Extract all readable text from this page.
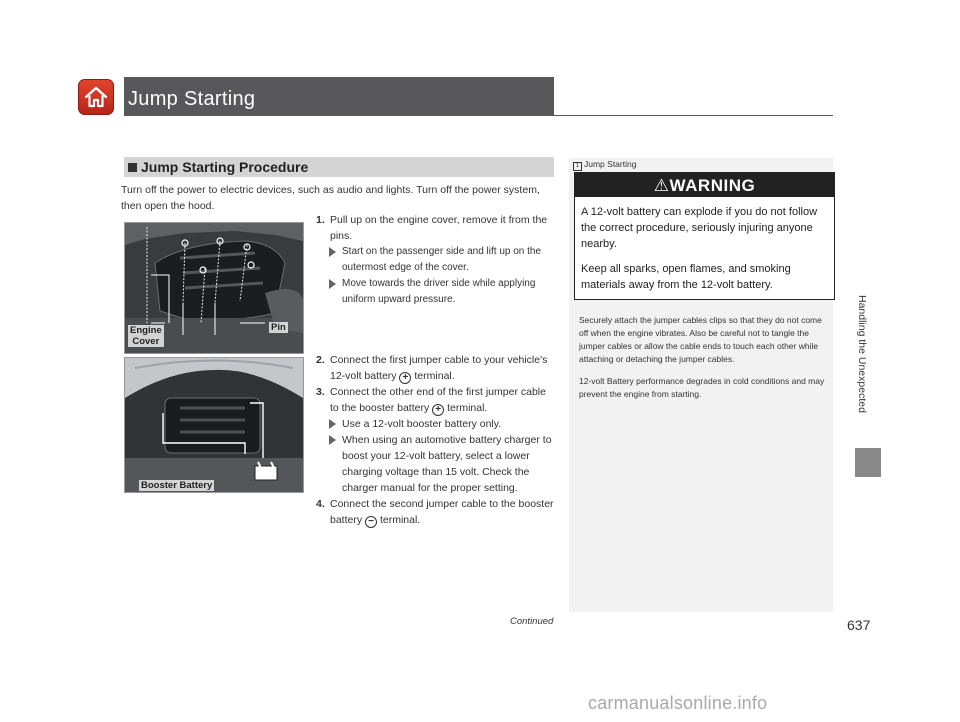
Jump Starting
Handling the Unexpected
Jump Starting Procedure
Turn off the power to electric devices, such as audio and lights. Turn off the power system, then open the hood.
Engine
Cover
Pin
Booster Battery
1. Pull up on the engine cover, remove it from the pins.
Start on the passenger side and lift up on the outermost edge of the cover.
Move towards the driver side while applying uniform upward pressure.
2. Connect the first jumper cable to your vehicle's 12-volt battery + terminal.
3. Connect the other end of the first jumper cable to the booster battery + terminal.
Use a 12-volt booster battery only.
When using an automotive battery charger to boost your 12-volt battery, select a lower charging voltage than 15 volt. Check the charger manual for the proper setting.
4. Connect the second jumper cable to the booster battery − terminal.
1 Jump Starting
⚠WARNING
A 12-volt battery can explode if you do not follow the correct procedure, seriously injuring anyone nearby.
Keep all sparks, open flames, and smoking materials away from the 12-volt battery.
Securely attach the jumper cables clips so that they do not come off when the engine vibrates. Also be careful not to tangle the jumper cables or allow the cable ends to touch each other while attaching or detaching the jumper cables.
12-volt Battery performance degrades in cold conditions and may prevent the engine from starting.
Continued	637
carmanualsonline.info
